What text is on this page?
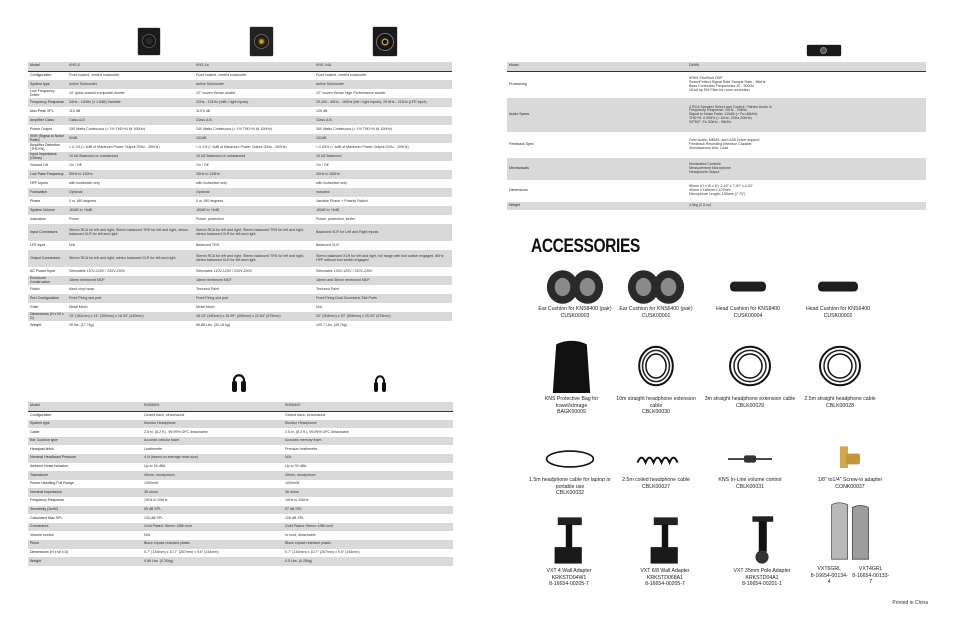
Model	KNS-8	KNS-1a	KNS-V4A
Configuration	Front loaded, vented subwoofer	Front loaded, vented subwoofer	Front loaded, vented subwoofer
System type	Active Subwoofer	Active Subwoofer	Active Subwoofer
Low Frequency Driver	10" glass aramid composite woofer	12" woven Kevlar woofer	12" woven Kevlar High Performance woofer
Frequency Response	34Hz - 140Hz (± 1.8dB) Variable	32Hz - 131Hz (±dB / right inputs)	29-250 - 40Hz - 160Hz (left / right inputs), 29.5Hz - 211Hz (LFE input)
Max Peak SPL	115 dB	119.5 dB	125 dB
Amplifier Class	Class A-B	Class A-B	Class A-B
Power Output	150 Watts Continuous (> 1% THD+N @ 100Hz)	240 Watts Continuous (> 1% THD+N @ 100Hz)	300 Watts Continuous (> 1% THD+N @ 100Hz)
SNR (Signal to Noise Ratio)	90dB	102dB	102dB
Amplifier Distortion (THD+N)	< 0.1% (> 6dB of Maximum Power Output 20Hz - 200Hz)	< 0.1% (> 6dB of Maximum Power Output 20Hz - 200Hz)	< 0.05% (> 6dB of Maximum Power Output 20Hz - 200Hz)
Input Impedance (Ohms)	10 kΩ Balanced or unbalanced	10 kΩ Balanced or unbalanced	10 kΩ Balanced
Ground Lift	On / Off	On / Off	On / Off
Low Pass Frequency	50Hz to 130Hz	35Hz to 125Hz	40Hz to 160Hz
HPF Inputs	with footswitch only	with footswitch only	with footswitch only
Footswitch	Optional	Optional	included
Phase	0 or 180 degrees	0 or 180 degrees	Variable Phase + Polarity Switch
System Volume	-80dB to +6dB	-80dB to +6dB	-80dB to +6dB
Indicators	Power	Power, protection	Power, protection, limiter
Input Connectors	Stereo RCA for left and right, Stereo balanced TRS for left and right, stereo balanced XLR for left and right	Stereo RCA for left and right, Stereo balanced TRS for left and right, stereo balanced XLR for left and right	Balanced XLR for Left and Right Inputs
LFE input	N/A	Balanced TRS	Balanced XLR
Output Connectors	Stereo RCA for left and right, stereo balanced XLR for left and right	Stereo RCA for left and right, Stereo balanced TRS for left and right, stereo balanced XLR for left and right	Stereo balanced XLR for left and right, full range with foot switch engaged, 80Hz HPF without foot switch engaged
AC Power Input	Selectable 110V-120V / 220V-240V	Selectable 110V-120V / 220V-240V	Selectable 100V-120V / 220V-240V
Enclosure Construction	18mm reinforced MDF	18mm reinforced MDF	18mm and 36mm reinforced MDF
Finish	black vinyl wrap	Textured Paint	Textured Paint
Port Configuration	Front Firing slot port	Front Firing slot port	Front Firing Dual Geometric Slot Ports
Grille	Metal Mesh	Metal Mesh	N/A
Dimensions (H x W x D)	15" (381mm) x 14" (355mm) x 16.93" (430mm)	18.15" (460mm) x 15.99" (406mm) x 22.64" (575mm)	20" (508mm) x 20" (508mm) x 25.00" (575mm)
Weight	39 lbs. (17.7kg)	66.88 Lbs. (30.18 kg)	100.7 Lbs. (45.7kg)
Model	KNS8400	KNS6400
Configuration	Closed back, circumaural	Closed back, circumaural
System type	Monitor Headphone	Monitor Headphone
Cable	2.5 m, (8.2 ft.), 99.99% OFC detachable	2.5 m, (8.2 ft.), 99.99% OFC detachable
Ear Cushion type	Acoustic cellular foam	Acoustic memory foam
Headpad finish	Leatherette	Premium leatherette
Nominal Headband Pressure	4 N (based on average head size)	N/A
Ambient Noise Isolation	Up to 26 dBA	Up to 30 dBA
Transducer	40mm, neodymium	40mm, neodymium
Power Handling Full Range	1000mW	1000mW
Nominal Impedance	36 ohms	36 ohms
Frequency Response	10Hz to 20kHz	10Hz to 20kHz
Sensitivity (1mW)	95 dB SPL	97 dB SPL
Calculated Max SPL	125 dB SPL	126 dB SPL
Connectors	Gold Plated: Stereo 1/8th inch	Gold Plated: Stereo 1/8th inch
Volume control	N/A	In cord, detachable
Pinch	Black impact resistant plastic	Black impact resistant plastic
Dimensions (H x W x D)	5.7" (145mm) x 10.7" (267mm) x 9.6" (244mm)	5.7" (145mm) x 10.7" (267mm) x 9.6" (244mm)
Weight	0.66 Lbs. (0.30kg)	0.5 Lbs. (0.28kg)
Model	DMH5
Processing	KRK5 ShulTech DSP
ResonPerfect Signal Rate Sample Rate - 96kHz
Bass Correction Frequencies 20 - 300Hz
16-bit up EM Filter for room correction
Audio Specs	4 RCA Speaker Select and Control / Stereo Audio in
Frequency Response: 20Hz - 20kHz
Signal to Noise Ratio: 110dB (> Fs=48kHz)
THD+N: 0.005% (> 1kHz, 20Hz-20kHz)
S/PDIF: Fs 32kHz - 96kHz
Feedback Spec	Over Audio, MEMS, and USB Driver support
Feedback Recording Interface Capable
Simultaneous Use, Load
Mechanicals	Illuminated Controls
Measurement Microphone
Headphone Output
Dimensions	89mm (H x W x D): 2.16" x 7.30" x 4.20"
40mm x 185mm x 107mm
Microphone Length: 195mm (7.70")
Weight	4.9kg (2.5 oz)
ACCESSORIES
Ear Cushion for KNS8400 (pair)
CUSK00003
Ear Cushion for KNS6400 (pair)
CUSK00001
Head Cushion for KNS8400
CUSK00004
Head Cushion for KNS6400
CUSK00002
KNS Protective Bag for travel/storage
BAGK00009
10m straight headphone extension cable
CBLK00030
3m straight headphone extension cable
CBLK00029
2.5m straight headphone cable
CBLK00028
1.5m headphone cable for laptop or portable use
CBLK00032
2.5m coiled headphone cable
CBLK00027
KNS In-Line volume control
CBLK00031
1/8" to1/4" Screw-in adapter
CONK00037
VXT 4 Wall Adapter
KRKSTD04W1
8-16654-00205-7
VXT 6/8 Wall Adapter
KRKSTD068A1
8-16654-00205-7
VXT 35mm Pole Adapter
KRKSTD04A1
8-16654-00201-1
VXT6GRL
8-16654-00134-4
VXT4GRL
8-16654-00133-7
Printed in China
